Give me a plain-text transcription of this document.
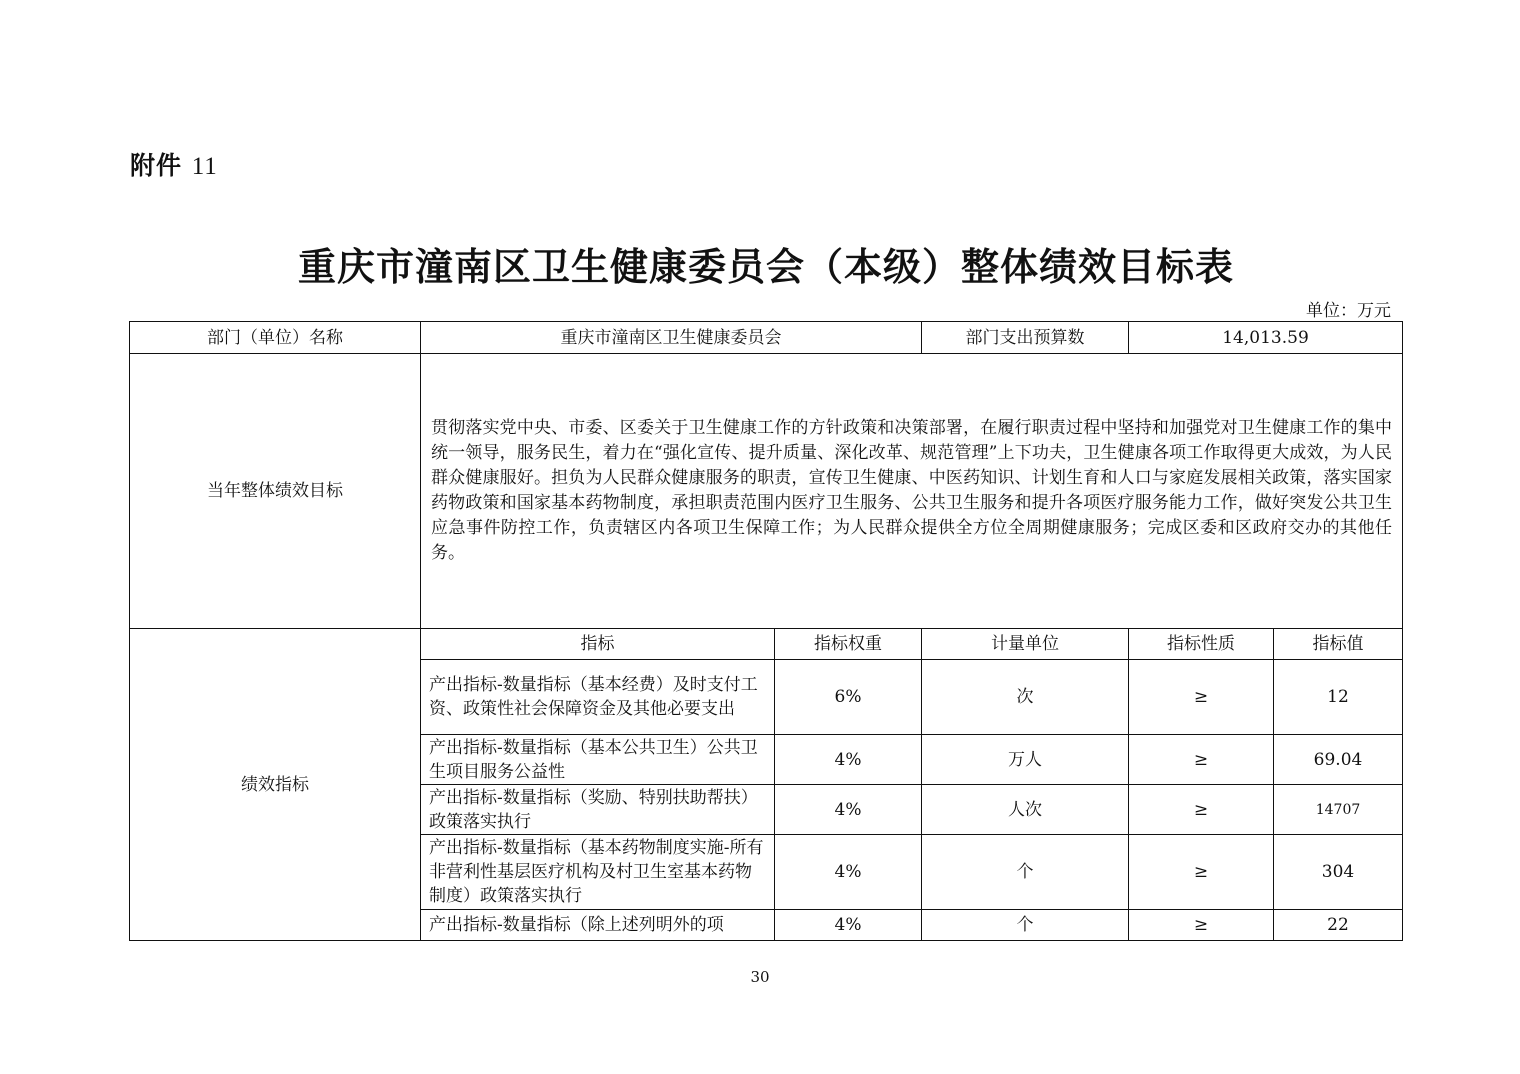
附件 11
重庆市潼南区卫生健康委员会（本级）整体绩效目标表
单位：万元
部门（单位）名称	重庆市潼南区卫生健康委员会		部门支出预算数	14,013.59	
当年整体绩效目标	贯彻落实党中央、市委、区委关于卫生健康工作的方针政策和决策部署，在履行职责过程中坚持和加强党对卫生健康工作的集中统一领导，服务民生，着力在“强化宣传、提升质量、深化改革、规范管理”上下功夫，卫生健康各项工作取得更大成效，为人民群众健康服好。担负为人民群众健康服务的职责，宣传卫生健康、中医药知识、计划生育和人口与家庭发展相关政策，落实国家药物政策和国家基本药物制度，承担职责范围内医疗卫生服务、公共卫生服务和提升各项医疗服务能力工作，做好突发公共卫生应急事件防控工作，负责辖区内各项卫生保障工作；为人民群众提供全方位全周期健康服务；完成区委和区政府交办的其他任务。				
绩效指标	指标	指标权重	计量单位	指标性质	指标值
	产出指标-数量指标（基本经费）及时支付工资、政策性社会保障资金及其他必要支出	6%	次	≥	12
	产出指标-数量指标（基本公共卫生）公共卫生项目服务公益性	4%	万人	≥	69.04
	产出指标-数量指标（奖励、特别扶助帮扶）政策落实执行	4%	人次	≥	14707
	产出指标-数量指标（基本药物制度实施-所有非营利性基层医疗机构及村卫生室基本药物制度）政策落实执行	4%	个	≥	304
	产出指标-数量指标（除上述列明外的项	4%	个	≥	22
30
